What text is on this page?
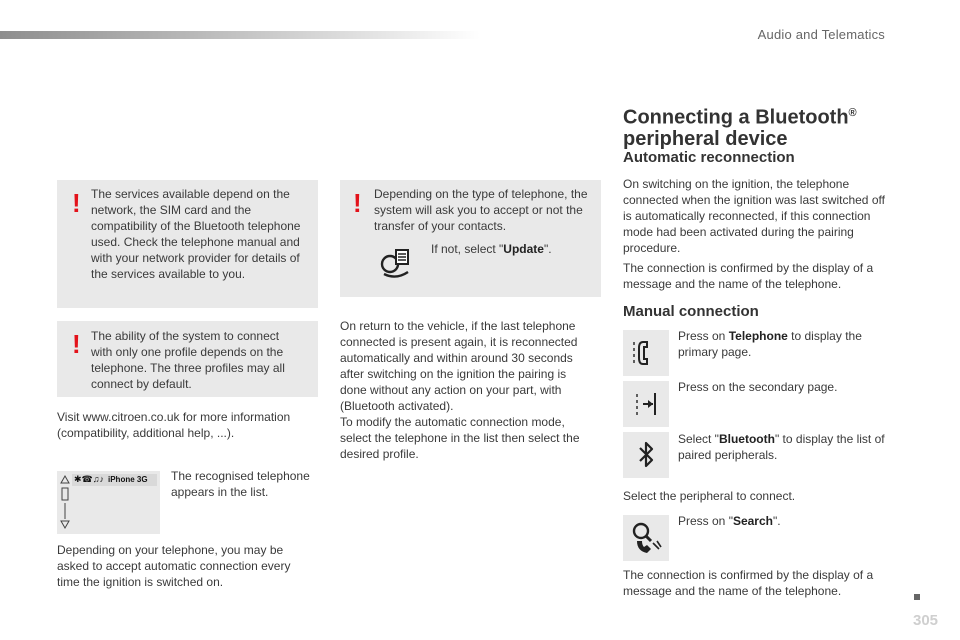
Audio and Telematics
! The services available depend on the network, the SIM card and the compatibility of the Bluetooth telephone used. Check the telephone manual and with your network provider for details of the services available to you.
! The ability of the system to connect with only one profile depends on the telephone. The three profiles may all connect by default.
Visit www.citroen.co.uk for more information (compatibility, additional help, ...).
✱☎♫♪ iPhone 3G The recognised telephone appears in the list.
Depending on your telephone, you may be asked to accept automatic connection every time the ignition is switched on.
! Depending on the type of telephone, the system will ask you to accept or not the transfer of your contacts.
If not, select "Update".
On return to the vehicle, if the last telephone connected is present again, it is reconnected automatically and within around 30 seconds after switching on the ignition the pairing is done without any action on your part, with (Bluetooth activated).
To modify the automatic connection mode, select the telephone in the list then select the desired profile.
Connecting a Bluetooth®
peripheral device
Automatic reconnection
On switching on the ignition, the telephone connected when the ignition was last switched off is automatically reconnected, if this connection mode had been activated during the pairing procedure.
The connection is confirmed by the display of a message and the name of the telephone.
Manual connection
Press on Telephone to display the primary page.
Press on the secondary page.
Select "Bluetooth" to display the list of paired peripherals.
Select the peripheral to connect.
Press on "Search".
The connection is confirmed by the display of a message and the name of the telephone.
305
